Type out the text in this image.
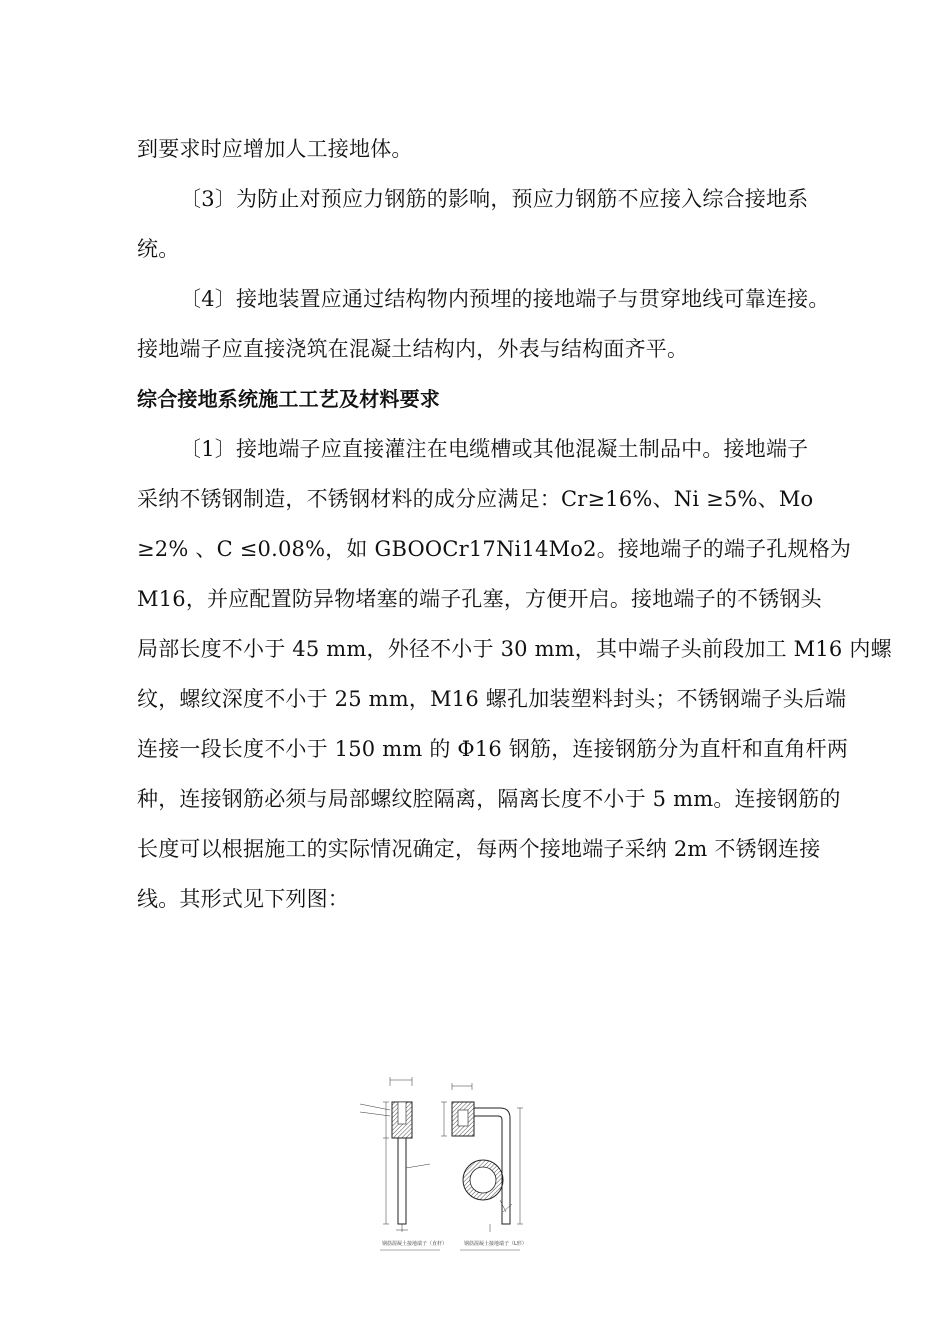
到要求时应增加人工接地体。
〔3〕为防止对预应力钢筋的影响，预应力钢筋不应接入综合接地系
统。
〔4〕接地装置应通过结构物内预埋的接地端子与贯穿地线可靠连接。
接地端子应直接浇筑在混凝土结构内，外表与结构面齐平。
综合接地系统施工工艺及材料要求
〔1〕接地端子应直接灌注在电缆槽或其他混凝土制品中。接地端子
采纳不锈钢制造，不锈钢材料的成分应满足：Cr≥16%、Ni ≥5%、Mo
≥2% 、C ≤0.08%，如 GBOOCr17Ni14Mo2。接地端子的端子孔规格为
M16，并应配置防异物堵塞的端子孔塞，方便开启。接地端子的不锈钢头
局部长度不小于 45 mm，外径不小于 30 mm，其中端子头前段加工 M16 内螺
纹，螺纹深度不小于 25 mm，M16 螺孔加装塑料封头；不锈钢端子头后端
连接一段长度不小于 150 mm 的 Φ16 钢筋，连接钢筋分为直杆和直角杆两
种，连接钢筋必须与局部螺纹腔隔离，隔离长度不小于 5 mm。连接钢筋的
长度可以根据施工的实际情况确定，每两个接地端子采纳 2m 不锈钢连接
线。其形式见下列图：
钢筋混凝土接地端子（直杆）	钢筋混凝土接地端子（L形）
